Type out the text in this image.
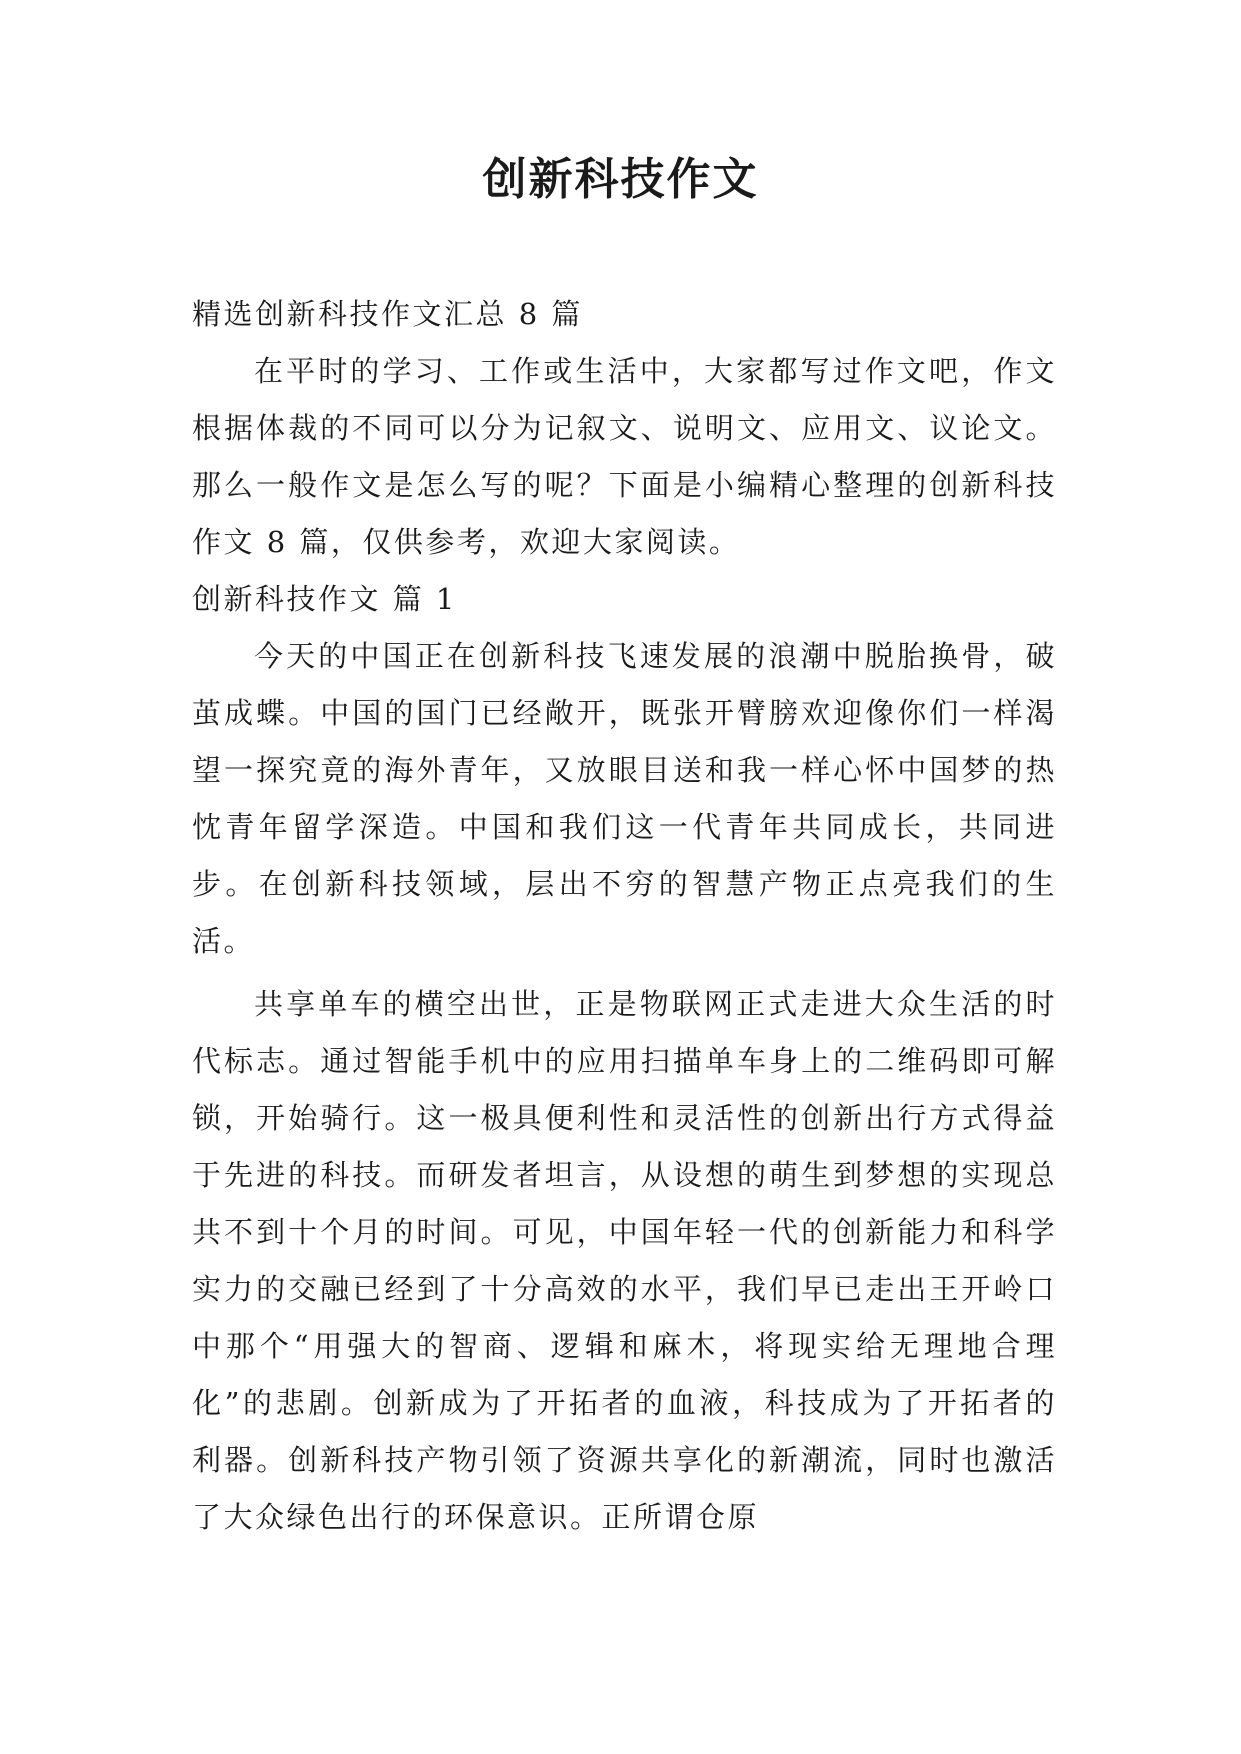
创新科技作文

精选创新科技作文汇总 8 篇

在平时的学习、工作或生活中，大家都写过作文吧，作文根据体裁的不同可以分为记叙文、说明文、应用文、议论文。那么一般作文是怎么写的呢？下面是小编精心整理的创新科技作文 8 篇，仅供参考，欢迎大家阅读。

创新科技作文 篇 1

今天的中国正在创新科技飞速发展的浪潮中脱胎换骨，破茧成蝶。中国的国门已经敞开，既张开臂膀欢迎像你们一样渴望一探究竟的海外青年，又放眼目送和我一样心怀中国梦的热忱青年留学深造。中国和我们这一代青年共同成长，共同进步。在创新科技领域，层出不穷的智慧产物正点亮我们的生活。

共享单车的横空出世，正是物联网正式走进大众生活的时代标志。通过智能手机中的应用扫描单车身上的二维码即可解锁，开始骑行。这一极具便利性和灵活性的创新出行方式得益于先进的科技。而研发者坦言，从设想的萌生到梦想的实现总共不到十个月的时间。可见，中国年轻一代的创新能力和科学实力的交融已经到了十分高效的水平，我们早已走出王开岭口中那个“用强大的智商、逻辑和麻木，将现实给无理地合理化”的悲剧。创新成为了开拓者的血液，科技成为了开拓者的利器。创新科技产物引领了资源共享化的新潮流，同时也激活了大众绿色出行的环保意识。正所谓仓原
